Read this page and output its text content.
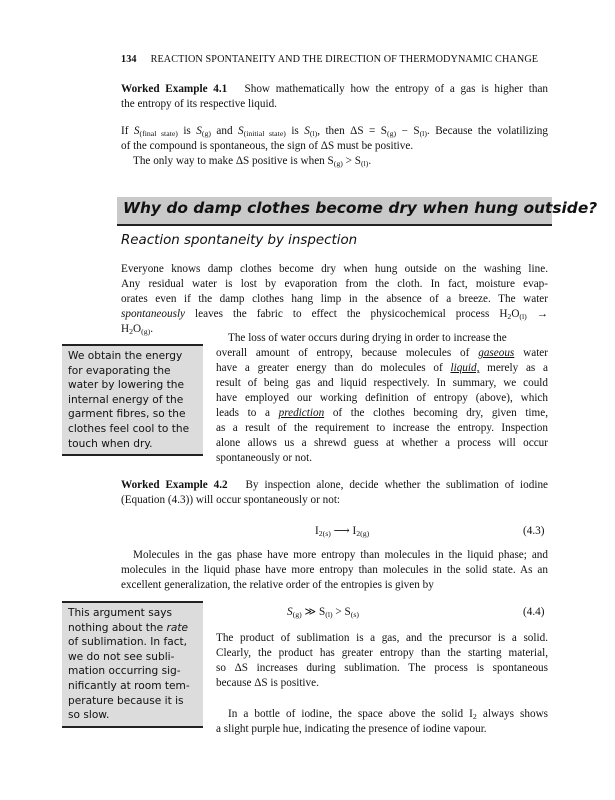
134 REACTION SPONTANEITY AND THE DIRECTION OF THERMODYNAMIC CHANGE
Worked Example 4.1 Show mathematically how the entropy of a gas is higher than
the entropy of its respective liquid.
If $S_{(final state)}$ is $S_{(g)}$ and $S_{(initial state)}$ is $S_{(l)}$, then $\Delta S = S_{(g)} - S_{(l)}$. Because the volatilizing
of the compound is spontaneous, the sign of ΔS must be positive.
The only way to make ΔS positive is when $S_{(g)} > S_{(l)}$.
Why do damp clothes become dry when hung outside?
Reaction spontaneity by inspection
Everyone knows damp clothes become dry when hung outside on the washing line.
Any residual water is lost by evaporation from the cloth. In fact, moisture evap-
orates even if the damp clothes hang limp in the absence of a breeze. The water
spontaneously leaves the fabric to effect the physicochemical process $H_2O_{(l)}$ →
$H_2O_{(g)}$.
The loss of water occurs during drying in order to increase the
overall amount of entropy, because molecules of gaseous water
have a greater energy than do molecules of liquid, merely as a
result of being gas and liquid respectively. In summary, we could
have employed our working definition of entropy (above), which
leads to a prediction of the clothes becoming dry, given time,
as a result of the requirement to increase the entropy. Inspection
alone allows us a shrewd guess at whether a process will occur
spontaneously or not.
We obtain the energy
for evaporating the
water by lowering the
internal energy of the
garment fibres, so the
clothes feel cool to the
touch when dry.
Worked Example 4.2 By inspection alone, decide whether the sublimation of iodine
(Equation (4.3)) will occur spontaneously or not:
$I_{2(s)}$ ⟶ $I_{2(g)}$	(4.3)
Molecules in the gas phase have more entropy than molecules in the liquid phase; and
molecules in the liquid phase have more entropy than molecules in the solid state. As an
excellent generalization, the relative order of the entropies is given by
$S_{(g)}$ ≫ $S_{(l)} > S_{(s)}$	(4.4)
The product of sublimation is a gas, and the precursor is a solid.
Clearly, the product has greater entropy than the starting material,
so ΔS increases during sublimation. The process is spontaneous
because ΔS is positive.
In a bottle of iodine, the space above the solid $I_2$ always shows
a slight purple hue, indicating the presence of iodine vapour.
This argument says
nothing about the rate
of sublimation. In fact,
we do not see subli-
mation occurring sig-
nificantly at room tem-
perature because it is
so slow.
